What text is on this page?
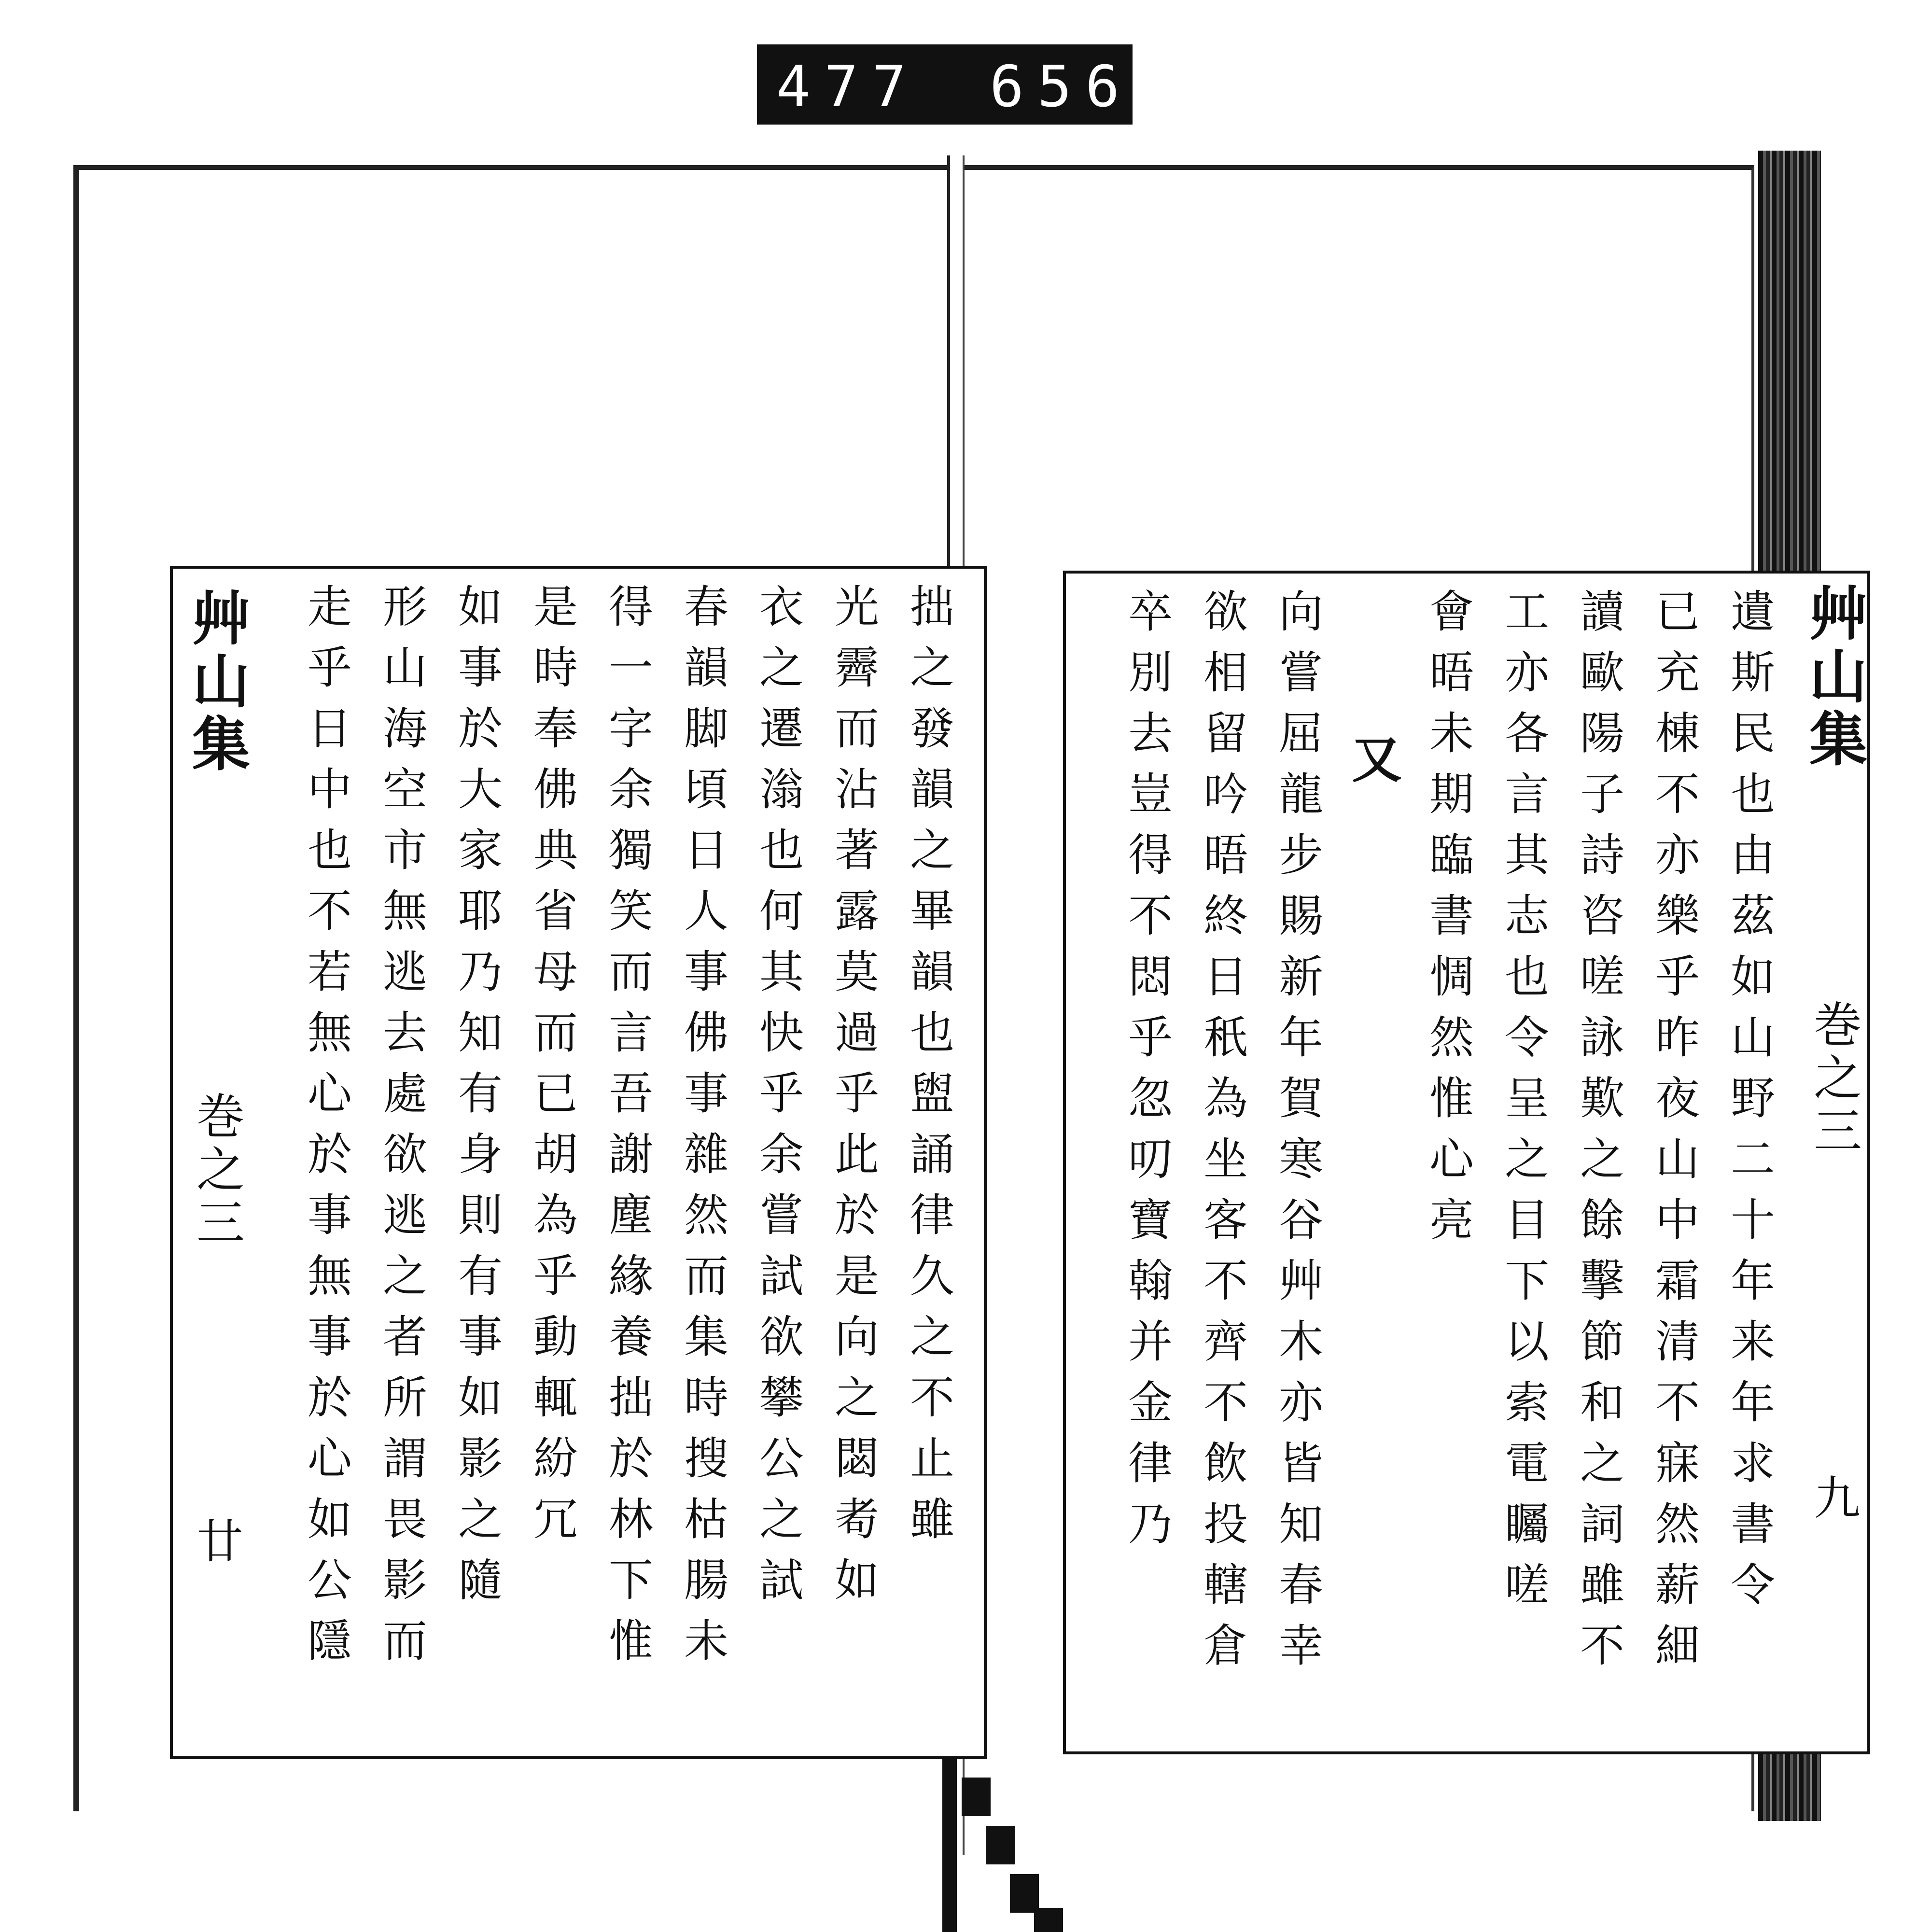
477 656.
艸山集 巻之三 廿	拙之發韻之畢韻也盥誦律久之不止雖
光霽而沾著露莫過乎此於是向之閟耇如
衣之遷滃也何其快乎余嘗試欲攀公之試
春韻脚頃日人事佛事雜然而集時搜枯腸未
得一字余獨笑而言吾謝塵緣養拙於林下惟
是時奉佛典省母而已胡為乎動輒紛冗
如事於大家耶乃知有身則有事如影之隨
形山海空市無逃去處欲逃之者所謂畏影而
走乎日中也不若無心於事無事於心如公隱	艸山集 巻之三 九
遺斯民也由茲如山野二十年来年求書令
已充棟不亦樂乎昨夜山中霜清不寐然薪細
讀歐陽子詩咨嗟詠歎之餘擊節和之詞雖不
工亦各言其志也令呈之目下以索電矚嗟
會晤未期臨書惆然惟心亮
又
向嘗屈龍步賜新年賀寒谷艸木亦皆知春幸
欲相留吟晤終日秖為坐客不齊不飲投轄倉
卒別去豈得不悶乎忽叨寶翰并金律乃
